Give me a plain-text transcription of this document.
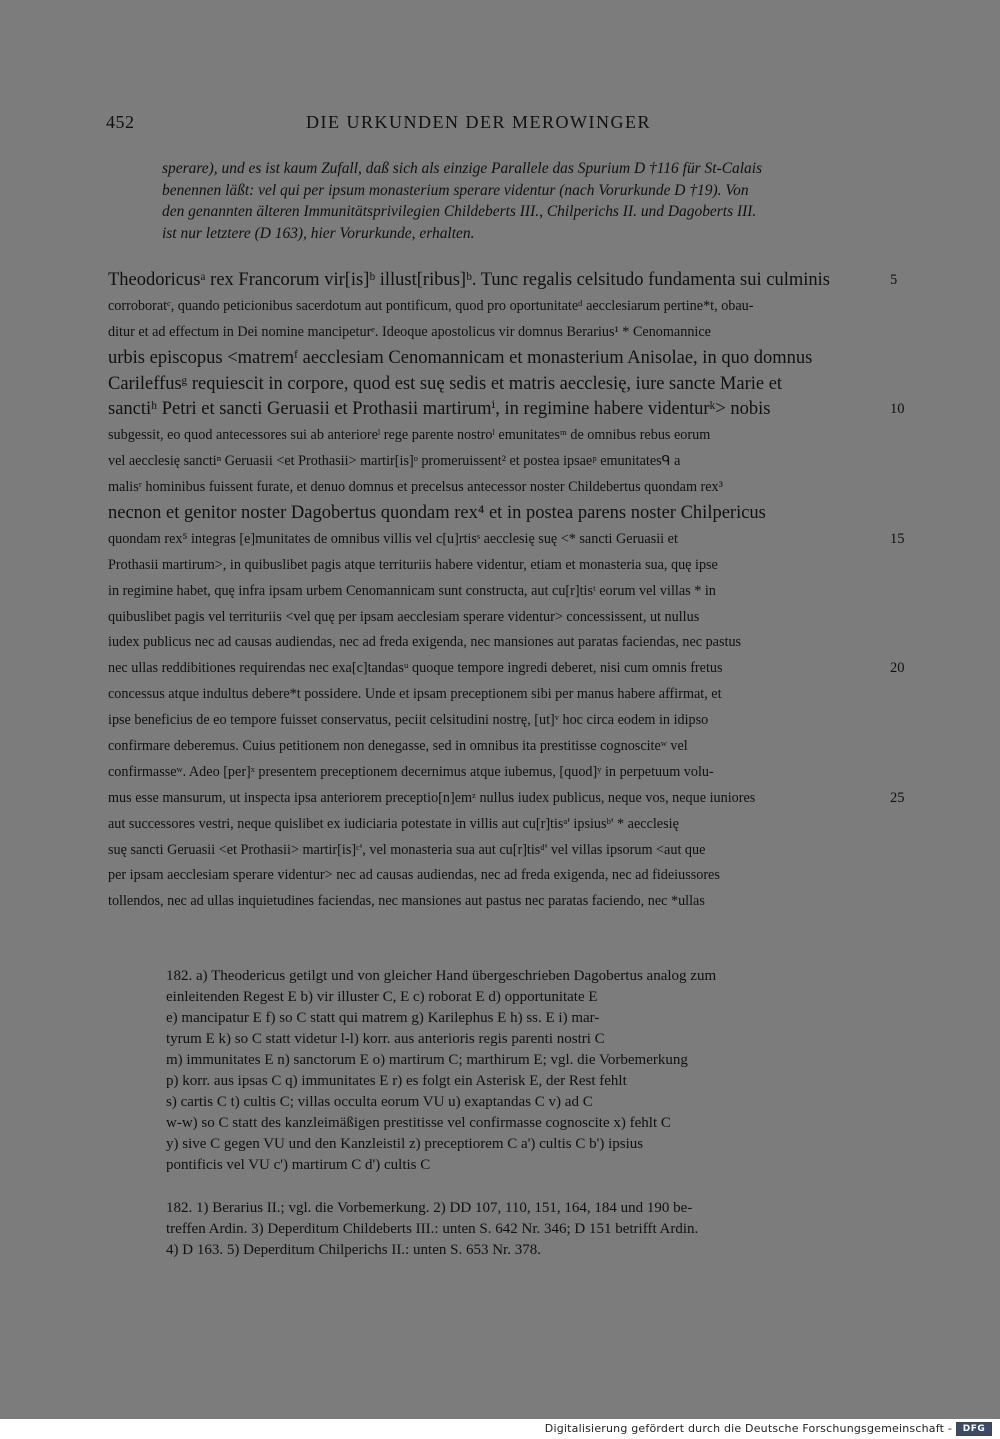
452	DIE URKUNDEN DER MEROWINGER
sperare), und es ist kaum Zufall, daß sich als einzige Parallele das Spurium D †116 für St-Calais
benennen läßt: vel qui per ipsum monasterium sperare videntur (nach Vorurkunde D †19). Von
den genannten älteren Immunitätsprivilegien Childeberts III., Chilperichs II. und Dagoberts III.
ist nur letztere (D 163), hier Vorurkunde, erhalten.
Theodoricusᵃ rex Francorum vir[is]ᵇ illust[ribus]ᵇ. Tunc regalis celsitudo fundamenta sui culminis	5
corroboratᶜ, quando peticionibus sacerdotum aut pontificum, quod pro oportunitateᵈ aecclesiarum pertine*t, obau-
ditur et ad effectum in Dei nomine mancipeturᵉ. Ideoque apostolicus vir domnus Berarius¹ * Cenomannice
urbis episcopus <matremᶠ aecclesiam Cenomannicam et monasterium Anisolae, in quo domnus
Carileffusᵍ requiescit in corpore, quod est suę sedis et matris aecclesię, iure sancte Marie et
sanctiʰ Petri et sancti Geruasii et Prothasii martirumⁱ, in regimine habere videnturᵏ> nobis	10
subgessit, eo quod antecessores sui ab anterioreˡ rege parente nostroˡ emunitatesᵐ de omnibus rebus eorum
vel aecclesię sanctiⁿ Geruasii <et Prothasii> martir[is]ᵒ promeruissent² et postea ipsaeᵖ emunitatesᑫ a
malisʳ hominibus fuissent furate, et denuo domnus et precelsus antecessor noster Childebertus quondam rex³
necnon et genitor noster Dagobertus quondam rex⁴ et in postea parens noster Chilpericus
quondam rex⁵ integras [e]munitates de omnibus villis vel c[u]rtisˢ aecclesię suę <* sancti Geruasii et	15
Prothasii martirum>, in quibuslibet pagis atque territuriis habere videntur, etiam et monasteria sua, quę ipse
in regimine habet, quę infra ipsam urbem Cenomannicam sunt constructa, aut cu[r]tisᵗ eorum vel villas * in
quibuslibet pagis vel territuriis <vel quę per ipsam aecclesiam sperare videntur> concessissent, ut nullus
iudex publicus nec ad causas audiendas, nec ad freda exigenda, nec mansiones aut paratas faciendas, nec pastus
nec ullas reddibitiones requirendas nec exa[c]tandasᵘ quoque tempore ingredi deberet, nisi cum omnis fretus	20
concessus atque indultus debere*t possidere. Unde et ipsam preceptionem sibi per manus habere affirmat, et
ipse beneficius de eo tempore fuisset conservatus, peciit celsitudini nostrę, [ut]ᵛ hoc circa eodem in idipso
confirmare deberemus. Cuius petitionem non denegasse, sed in omnibus ita prestitisse cognosciteʷ vel
confirmasseʷ. Adeo [per]ˣ presentem preceptionem decernimus atque iubemus, [quod]ʸ in perpetuum volu-
mus esse mansurum, ut inspecta ipsa anteriorem preceptio[n]emᶻ nullus iudex publicus, neque vos, neque iuniores	25
aut successores vestri, neque quislibet ex iudiciaria potestate in villis aut cu[r]tisᵃ' ipsiusᵇ' * aecclesię
suę sancti Geruasii <et Prothasii> martir[is]ᶜ', vel monasteria sua aut cu[r]tisᵈ' vel villas ipsorum <aut que
per ipsam aecclesiam sperare videntur> nec ad causas audiendas, nec ad freda exigenda, nec ad fideiussores
tollendos, nec ad ullas inquietudines faciendas, nec mansiones aut pastus nec paratas faciendo, nec *ullas
182. a) Theodericus getilgt und von gleicher Hand übergeschrieben Dagobertus analog zum
einleitenden Regest E b) vir illuster C, E c) roborat E d) opportunitate E
e) mancipatur E f) so C statt qui matrem g) Karilephus E h) ss. E i) mar-
tyrum E k) so C statt videtur l-l) korr. aus anterioris regis parenti nostri C
m) immunitates E n) sanctorum E o) martirum C; marthirum E; vgl. die Vorbemerkung
p) korr. aus ipsas C q) immunitates E r) es folgt ein Asterisk E, der Rest fehlt
s) cartis C t) cultis C; villas occulta eorum VU u) exaptandas C v) ad C
w-w) so C statt des kanzleimäßigen prestitisse vel confirmasse cognoscite x) fehlt C
y) sive C gegen VU und den Kanzleistil z) preceptiorem C a') cultis C b') ipsius
pontificis vel VU c') martirum C d') cultis C
182. 1) Berarius II.; vgl. die Vorbemerkung. 2) DD 107, 110, 151, 164, 184 und 190 be-
treffen Ardin. 3) Deperditum Childeberts III.: unten S. 642 Nr. 346; D 151 betrifft Ardin.
4) D 163. 5) Deperditum Chilperichs II.: unten S. 653 Nr. 378.
Digitalisierung gefördert durch die Deutsche Forschungsgemeinschaft -	DFG
